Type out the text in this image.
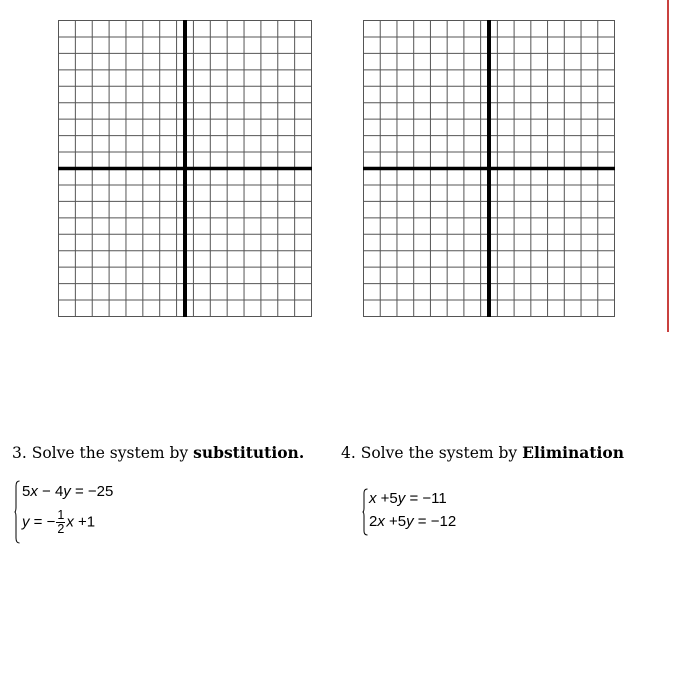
3. Solve the system by substitution.
5x − 4y = −25
y = − $\frac{1}{2}$ x +1
4. Solve the system by Elimination
x +5y = −11
2x +5y = −12
